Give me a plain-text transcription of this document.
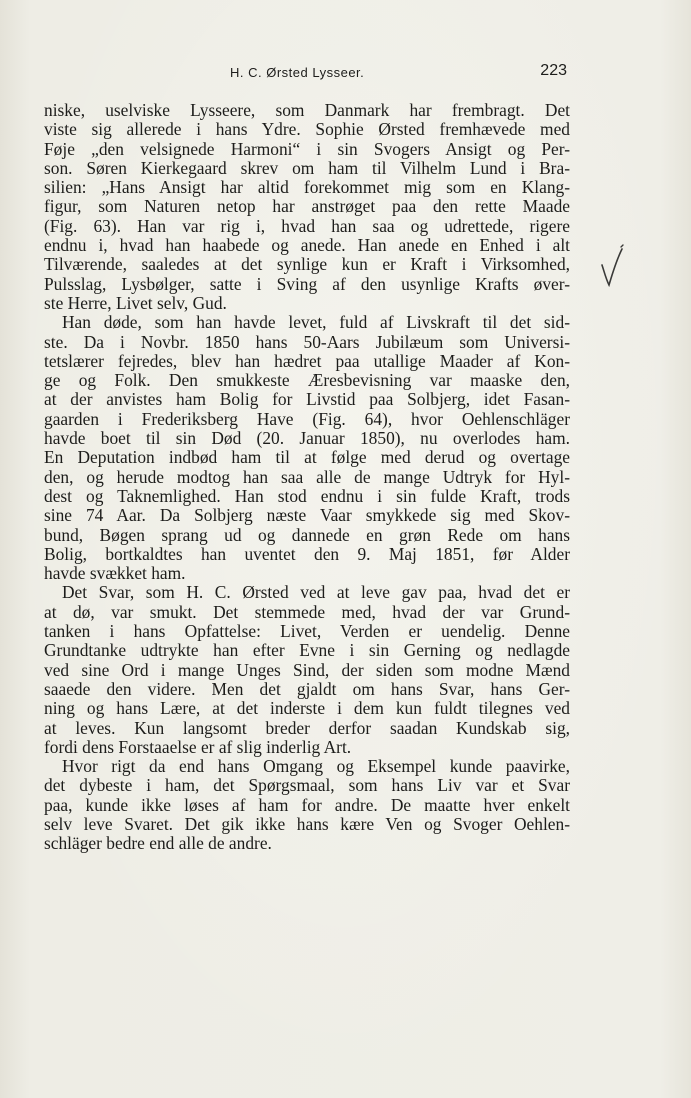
H. C. Ørsted Lysseer.	223
niske, uselviske Lysseere, som Danmark har frembragt. Det
viste sig allerede i hans Ydre. Sophie Ørsted fremhævede med
Føje „den velsignede Harmoni“ i sin Svogers Ansigt og Per-
son. Søren Kierkegaard skrev om ham til Vilhelm Lund i Bra-
silien: „Hans Ansigt har altid forekommet mig som en Klang-
figur, som Naturen netop har anstrøget paa den rette Maade
(Fig. 63). Han var rig i, hvad han saa og udrettede, rigere
endnu i, hvad han haabede og anede. Han anede en Enhed i alt
Tilværende, saaledes at det synlige kun er Kraft i Virksomhed,
Pulsslag, Lysbølger, satte i Sving af den usynlige Krafts øver-
ste Herre, Livet selv, Gud.
Han døde, som han havde levet, fuld af Livskraft til det sid-
ste. Da i Novbr. 1850 hans 50-Aars Jubilæum som Universi-
tetslærer fejredes, blev han hædret paa utallige Maader af Kon-
ge og Folk. Den smukkeste Æresbevisning var maaske den,
at der anvistes ham Bolig for Livstid paa Solbjerg, idet Fasan-
gaarden i Frederiksberg Have (Fig. 64), hvor Oehlenschläger
havde boet til sin Død (20. Januar 1850), nu overlodes ham.
En Deputation indbød ham til at følge med derud og overtage
den, og herude modtog han saa alle de mange Udtryk for Hyl-
dest og Taknemlighed. Han stod endnu i sin fulde Kraft, trods
sine 74 Aar. Da Solbjerg næste Vaar smykkede sig med Skov-
bund, Bøgen sprang ud og dannede en grøn Rede om hans
Bolig, bortkaldtes han uventet den 9. Maj 1851, før Alder
havde svækket ham.
Det Svar, som H. C. Ørsted ved at leve gav paa, hvad det er
at dø, var smukt. Det stemmede med, hvad der var Grund-
tanken i hans Opfattelse: Livet, Verden er uendelig. Denne
Grundtanke udtrykte han efter Evne i sin Gerning og nedlagde
ved sine Ord i mange Unges Sind, der siden som modne Mænd
saaede den videre. Men det gjaldt om hans Svar, hans Ger-
ning og hans Lære, at det inderste i dem kun fuldt tilegnes ved
at leves. Kun langsomt breder derfor saadan Kundskab sig,
fordi dens Forstaaelse er af slig inderlig Art.
Hvor rigt da end hans Omgang og Eksempel kunde paavirke,
det dybeste i ham, det Spørgsmaal, som hans Liv var et Svar
paa, kunde ikke løses af ham for andre. De maatte hver enkelt
selv leve Svaret. Det gik ikke hans kære Ven og Svoger Oehlen-
schläger bedre end alle de andre.
